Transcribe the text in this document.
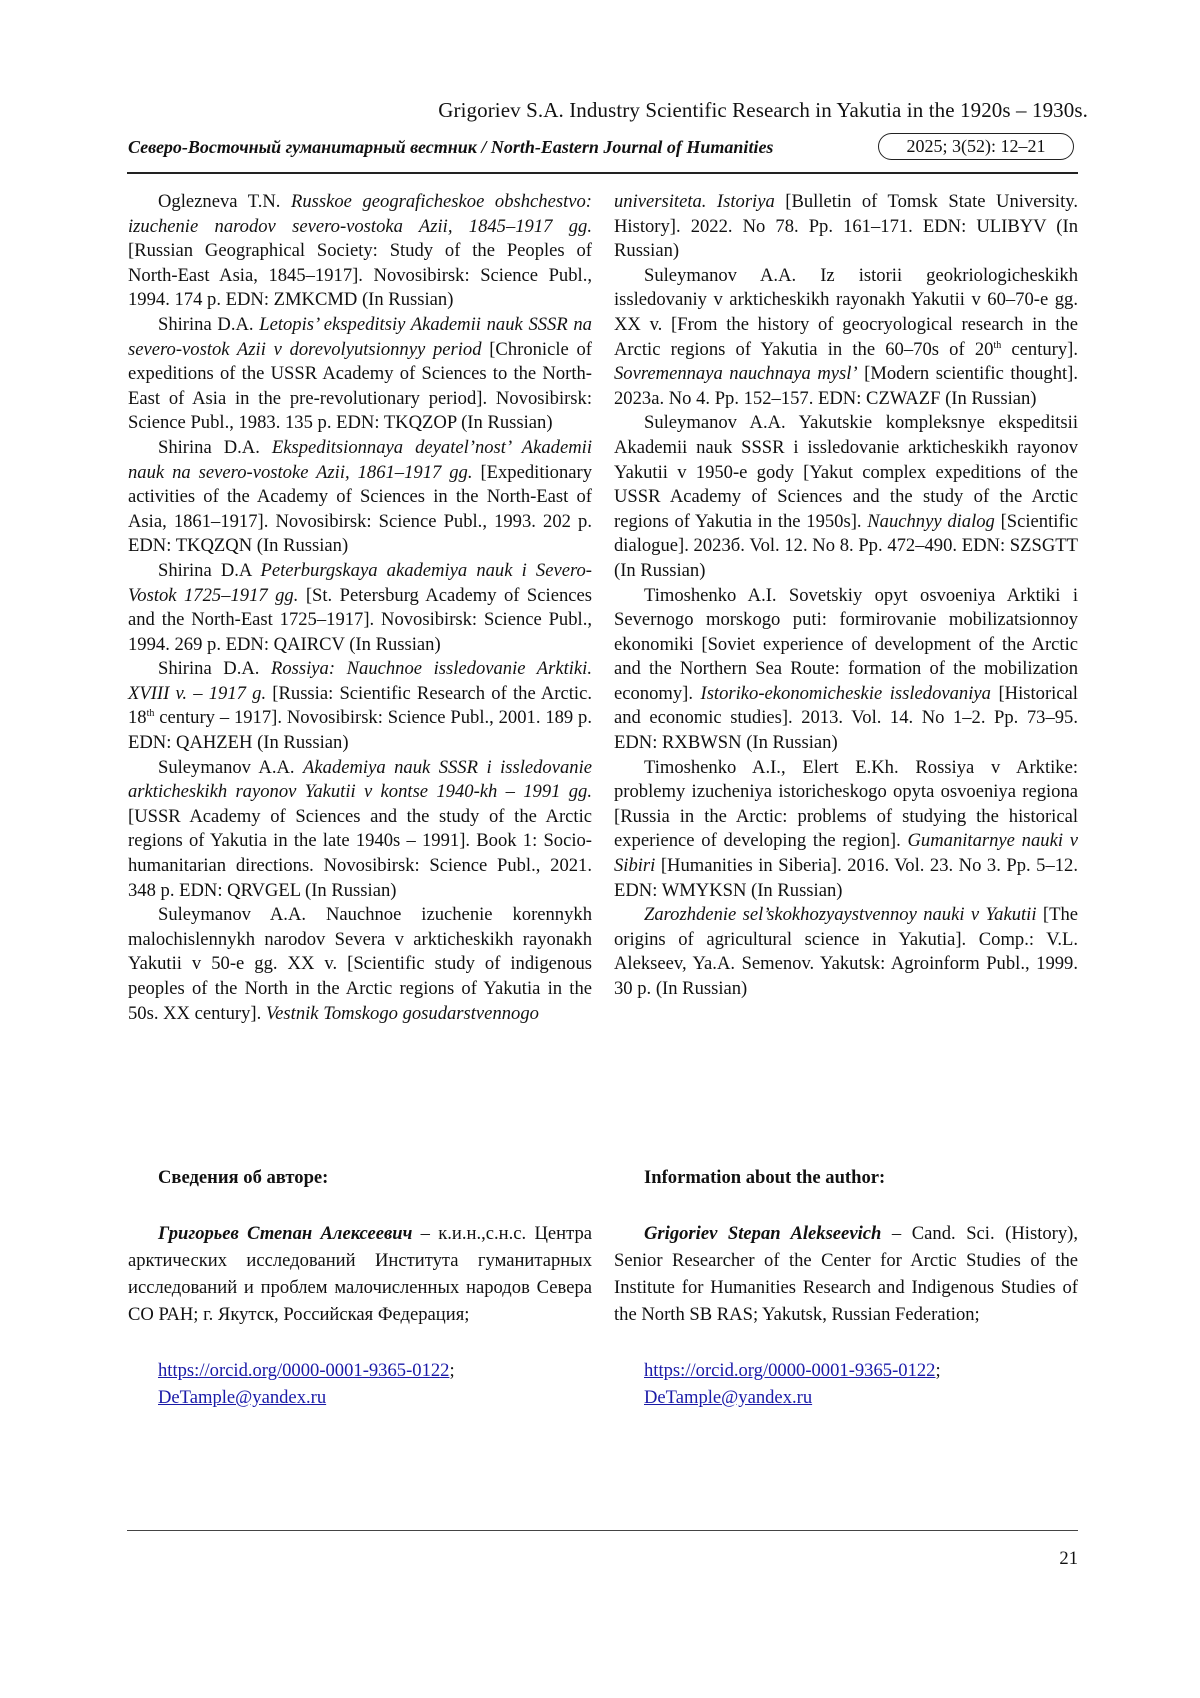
Grigoriev S.A. Industry Scientific Research in Yakutia in the 1920s – 1930s.
Северо-Восточный гуманитарный вестник / North-Eastern Journal of Humanities	2025; 3(52): 12–21

Oglezneva T.N. Russkoe geograficheskoe obshchestvo: izuchenie narodov severo-vostoka Azii, 1845–1917 gg. [Russian Geographical Society: Study of the Peoples of North-East Asia, 1845–1917]. Novosibirsk: Science Publ., 1994. 174 p. EDN: ZMKCMD (In Russian)

Shirina D.A. Letopis’ ekspeditsiy Akademii nauk SSSR na severo-vostok Azii v dorevolyutsionnyy period [Chronicle of expeditions of the USSR Academy of Sciences to the North-East of Asia in the pre-revolutionary period]. Novosibirsk: Science Publ., 1983. 135 p. EDN: TKQZOP (In Russian)

Shirina D.A. Ekspeditsionnaya deyatel’nost’ Akademii nauk na severo-vostoke Azii, 1861–1917 gg. [Expeditionary activities of the Academy of Sciences in the North-East of Asia, 1861–1917]. Novosibirsk: Science Publ., 1993. 202 p. EDN: TKQZQN (In Russian)

Shirina D.A Peterburgskaya akademiya nauk i Severo-Vostok 1725–1917 gg. [St. Petersburg Academy of Sciences and the North-East 1725–1917]. Novosibirsk: Science Publ., 1994. 269 p. EDN: QAIRCV (In Russian)

Shirina D.A. Rossiya: Nauchnoe issledovanie Arktiki. XVIII v. – 1917 g. [Russia: Scientific Research of the Arctic. 18th century – 1917]. Novosibirsk: Science Publ., 2001. 189 p. EDN: QAHZEH (In Russian)

Suleymanov A.A. Akademiya nauk SSSR i issledovanie arkticheskikh rayonov Yakutii v kontse 1940-kh – 1991 gg. [USSR Academy of Sciences and the study of the Arctic regions of Yakutia in the late 1940s – 1991]. Book 1: Socio-humanitarian directions. Novosibirsk: Science Publ., 2021. 348 p. EDN: QRVGEL (In Russian)

Suleymanov A.A. Nauchnoe izuchenie korennykh malochislennykh narodov Severa v arkticheskikh rayonakh Yakutii v 50-e gg. XX v. [Scientific study of indigenous peoples of the North in the Arctic regions of Yakutia in the 50s. XX century]. Vestnik Tomskogo gosudarstvennogo

universiteta. Istoriya [Bulletin of Tomsk State University. History]. 2022. No 78. Pp. 161–171. EDN: ULIBYV (In Russian)

Suleymanov A.A. Iz istorii geokriologicheskikh issledovaniy v arkticheskikh rayonakh Yakutii v 60–70-e gg. XX v. [From the history of geocryological research in the Arctic regions of Yakutia in the 60–70s of 20th century]. Sovremennaya nauchnaya mysl’ [Modern scientific thought]. 2023a. No 4. Pp. 152–157. EDN: CZWAZF (In Russian)

Suleymanov A.A. Yakutskie kompleksnye ekspeditsii Akademii nauk SSSR i issledovanie arkticheskikh rayonov Yakutii v 1950-e gody [Yakut complex expeditions of the USSR Academy of Sciences and the study of the Arctic regions of Yakutia in the 1950s]. Nauchnyy dialog [Scientific dialogue]. 2023б. Vol. 12. No 8. Pp. 472–490. EDN: SZSGTT (In Russian)

Timoshenko A.I. Sovetskiy opyt osvoeniya Arktiki i Severnogo morskogo puti: formirovanie mobilizatsionnoy ekonomiki [Soviet experience of development of the Arctic and the Northern Sea Route: formation of the mobilization economy]. Istoriko-ekonomicheskie issledovaniya [Historical and economic studies]. 2013. Vol. 14. No 1–2. Pp. 73–95. EDN: RXBWSN (In Russian)

Timoshenko A.I., Elert E.Kh. Rossiya v Arktike: problemy izucheniya istoricheskogo opyta osvoeniya regiona [Russia in the Arctic: problems of studying the historical experience of developing the region]. Gumanitarnye nauki v Sibiri [Humanities in Siberia]. 2016. Vol. 23. No 3. Pp. 5–12. EDN: WMYKSN (In Russian)

Zarozhdenie sel’skokhozyaystvennoy nauki v Yakutii [The origins of agricultural science in Yakutia]. Comp.: V.L. Alekseev, Ya.A. Semenov. Yakutsk: Agroinform Publ., 1999. 30 p. (In Russian)

Сведения об авторе:

Григорьев Степан Алексеевич – к.и.н.,с.н.с. Центра арктических исследований Института гуманитарных исследований и проблем малочисленных народов Севера СО РАН; г. Якутск, Российская Федерация;

https://orcid.org/0000-0001-9365-0122;
DeTample@yandex.ru

Information about the author:

Grigoriev Stepan Alekseevich – Cand. Sci. (History), Senior Researcher of the Center for Arctic Studies of the Institute for Humanities Research and Indigenous Studies of the North SB RAS; Yakutsk, Russian Federation;

https://orcid.org/0000-0001-9365-0122;
DeTample@yandex.ru
21
